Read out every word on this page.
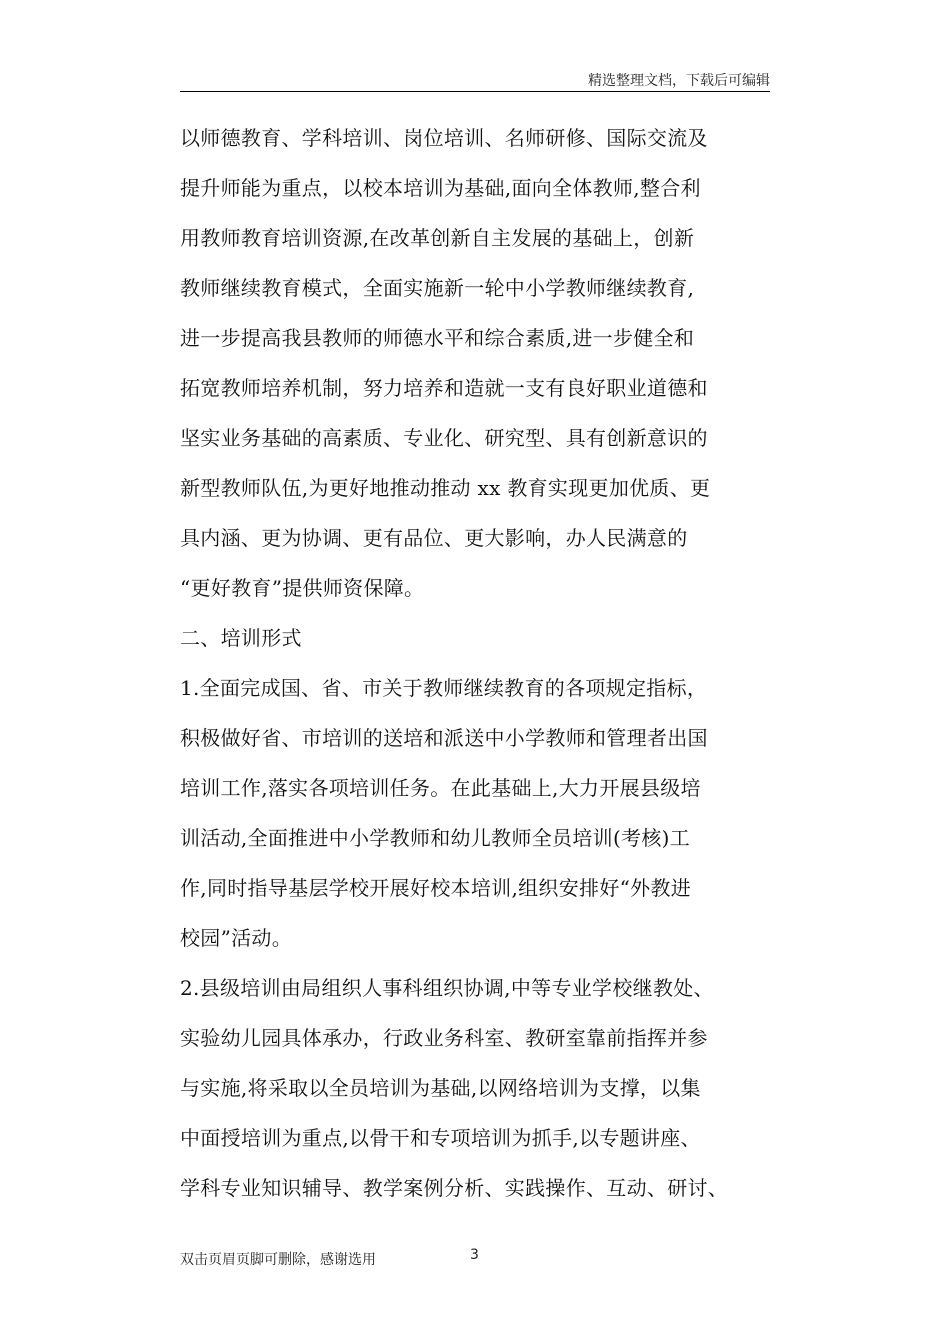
精选整理文档，下载后可编辑
以师德教育、学科培训、岗位培训、名师研修、国际交流及
提升师能为重点，以校本培训为基础,面向全体教师,整合利
用教师教育培训资源,在改革创新自主发展的基础上，创新
教师继续教育模式，全面实施新一轮中小学教师继续教育,
进一步提高我县教师的师德水平和综合素质,进一步健全和
拓宽教师培养机制，努力培养和造就一支有良好职业道德和
坚实业务基础的高素质、专业化、研究型、具有创新意识的
新型教师队伍,为更好地推动推动 xx 教育实现更加优质、更
具内涵、更为协调、更有品位、更大影响，办人民满意的
“更好教育”提供师资保障。
二、培训形式
1.全面完成国、省、市关于教师继续教育的各项规定指标，
积极做好省、市培训的送培和派送中小学教师和管理者出国
培训工作,落实各项培训任务。在此基础上,大力开展县级培
训活动,全面推进中小学教师和幼儿教师全员培训(考核)工
作,同时指导基层学校开展好校本培训,组织安排好“外教进
校园”活动。
2.县级培训由局组织人事科组织协调,中等专业学校继教处、
实验幼儿园具体承办，行政业务科室、教研室靠前指挥并参
与实施,将采取以全员培训为基础,以网络培训为支撑，以集
中面授培训为重点,以骨干和专项培训为抓手,以专题讲座、
学科专业知识辅导、教学案例分析、实践操作、互动、研讨、
双击页眉页脚可删除，感谢选用	3
